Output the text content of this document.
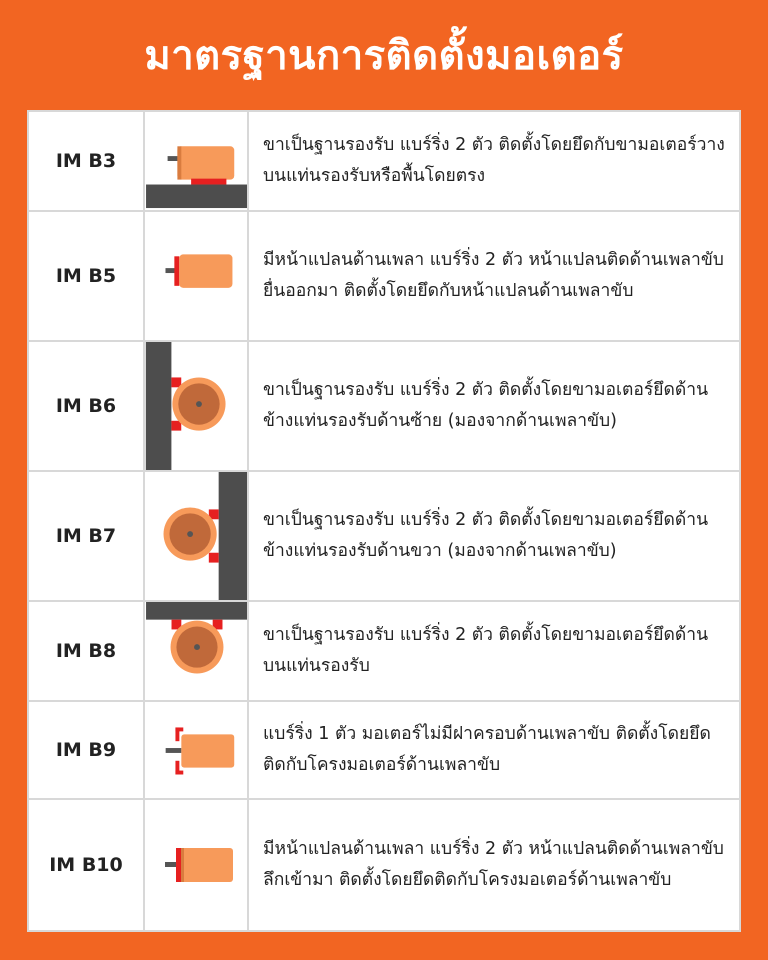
มาตรฐานการติดตั้งมอเตอร์
IM B3
ขาเป็นฐานรองรับ แบร์ริ่ง 2 ตัว ติดตั้งโดยยึดกับขามอเตอร์วางบนแท่นรองรับหรือพื้นโดยตรง
IM B5
มีหน้าแปลนด้านเพลา แบร์ริ่ง 2 ตัว หน้าแปลนติดด้านเพลาขับยื่นออกมา ติดตั้งโดยยึดกับหน้าแปลนด้านเพลาขับ
IM B6
ขาเป็นฐานรองรับ แบร์ริ่ง 2 ตัว ติดตั้งโดยขามอเตอร์ยึดด้านข้างแท่นรองรับด้านซ้าย (มองจากด้านเพลาขับ)
IM B7
ขาเป็นฐานรองรับ แบร์ริ่ง 2 ตัว ติดตั้งโดยขามอเตอร์ยึดด้านข้างแท่นรองรับด้านขวา (มองจากด้านเพลาขับ)
IM B8
ขาเป็นฐานรองรับ แบร์ริ่ง 2 ตัว ติดตั้งโดยขามอเตอร์ยึดด้านบนแท่นรองรับ
IM B9
แบร์ริ่ง 1 ตัว มอเตอร์ไม่มีฝาครอบด้านเพลาขับ ติดตั้งโดยยึดติดกับโครงมอเตอร์ด้านเพลาขับ
IM B10
มีหน้าแปลนด้านเพลา แบร์ริ่ง 2 ตัว หน้าแปลนติดด้านเพลาขับลึกเข้ามา ติดตั้งโดยยึดติดกับโครงมอเตอร์ด้านเพลาขับ
